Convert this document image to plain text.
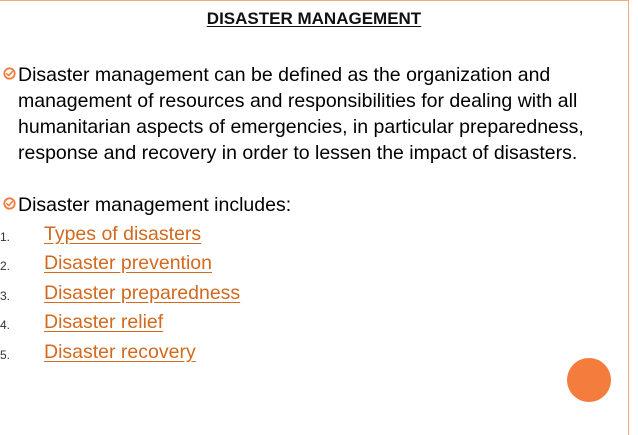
DISASTER MANAGEMENT
Disaster management can be defined as the organization and management of resources and responsibilities for dealing with all humanitarian aspects of emergencies, in particular preparedness, response and recovery in order to lessen the impact of disasters.
Disaster management includes:
1. Types of disasters
2. Disaster prevention
3. Disaster preparedness
4. Disaster relief
5. Disaster recovery
